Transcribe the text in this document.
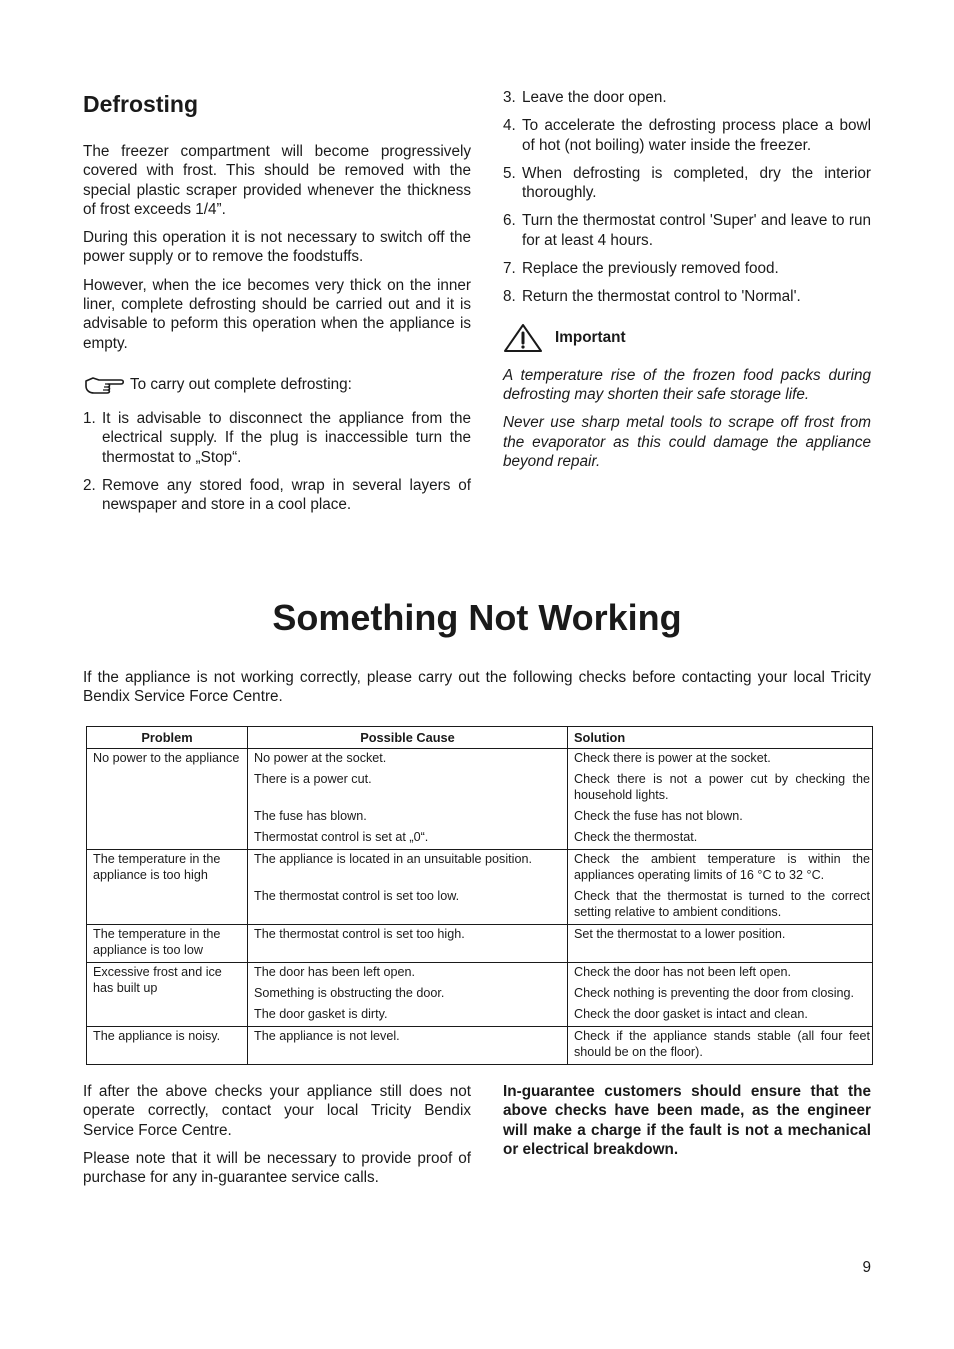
Defrosting

The freezer compartment will become progressively covered with frost. This should be removed with the special plastic scraper provided whenever the thickness of frost exceeds 1/4”.

During this operation it is not necessary to switch off the power supply or to remove the foodstuffs.

However, when the ice becomes very thick on the inner liner, complete defrosting should be carried out and it is advisable to peform this operation when the appliance is empty.

To carry out complete defrosting:
1. It is advisable to disconnect the appliance from the electrical supply. If the plug is inaccessible turn the thermostat to „Stop“.
2. Remove any stored food, wrap in several layers of newspaper and store in a cool place.
3. Leave the door open.
4. To accelerate the defrosting process place a bowl of hot (not boiling) water inside the freezer.
5. When defrosting is completed, dry the interior thoroughly.
6. Turn the thermostat control 'Super' and leave to run for at least 4 hours.
7. Replace the previously removed food.
8. Return the thermostat control to 'Normal'.
Important

A temperature rise of the frozen food packs during defrosting may shorten their safe storage life.

Never use sharp metal tools to scrape off frost from the evaporator as this could damage the appliance beyond repair.

Something Not Working

If the appliance is not working correctly, please carry out the following checks before contacting your local Tricity Bendix Service Force Centre.

Problem	Possible Cause	Solution

No power to the appliance	No power at the socket.	Check there is power at the socket.

	There is a power cut.	Check there is not a power cut by checking the household lights.

	The fuse has blown.	Check the fuse has not blown.

	Thermostat control is set at „0“.	Check the thermostat.

The temperature in the appliance is too high	The appliance is located in an unsuitable position.	Check the ambient temperature is within the appliances operating limits of 16 °C to 32 °C.

	The thermostat control is set too low.	Check that the thermostat is turned to the correct setting relative to ambient conditions.

The temperature in the appliance is too low	The thermostat control is set too high.	Set the thermostat to a lower position.

Excessive frost and ice has built up	The door has been left open.	Check the door has not been left open.

	Something is obstructing the door.	Check nothing is preventing the door from closing.

	The door gasket is dirty.	Check the door gasket is intact and clean.

The appliance is noisy.	The appliance is not level.	Check if the appliance stands stable (all four feet should be on the floor).

If after the above checks your appliance still does not operate correctly, contact your local Tricity Bendix Service Force Centre.

Please note that it will be necessary to provide proof of purchase for any in-guarantee service calls.

In-guarantee customers should ensure that the above checks have been made, as the engineer will make a charge if the fault is not a mechanical or electrical breakdown.

9
